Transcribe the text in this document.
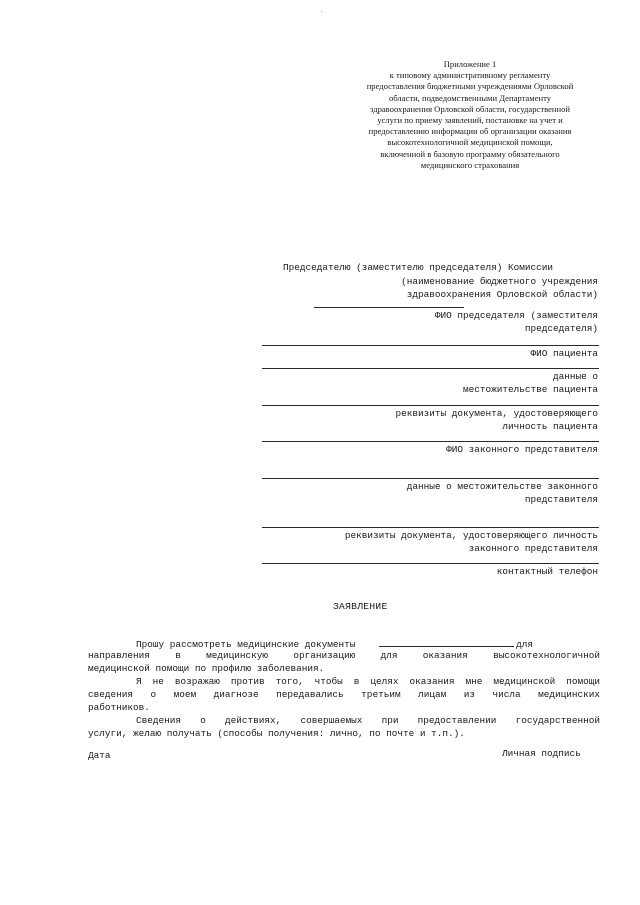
Приложение 1
к типовому административному регламенту
предоставления бюджетными учреждениями Орловской
области, подведомственными Департаменту
здравоохранения Орловской области, государственной
услуги по приему заявлений, постановке на учет и
предоставлению информации об организации оказания
высокотехнологичной медицинской помощи,
включенной в базовую программу обязательного
медицинского страхования
Председателю (заместителю председателя) Комиссии
(наименование бюджетного учреждения
здравоохранения Орловской области)
ФИО председателя (заместителя
председателя)
ФИО пациента
данные о
местожительстве пациента
реквизиты документа, удостоверяющего
личность пациента
ФИО законного представителя
данные о местожительстве законного
представителя
реквизиты документа, удостоверяющего личность
законного представителя
контактный телефон
ЗАЯВЛЕНИЕ
Прошу рассмотреть медицинские документы	для
направления в медицинскую организацию для оказания высокотехнологичной
медицинской помощи по профилю заболевания.
Я не возражаю против того, чтобы в целях оказания мне медицинской помощи
сведения о моем диагнозе передавались третьим лицам из числа медицинских
работников.
Сведения о действиях, совершаемых при предоставлении государственной
услуги, желаю получать (способы получения: лично, по почте и т.п.).
Дата	Личная подпись
